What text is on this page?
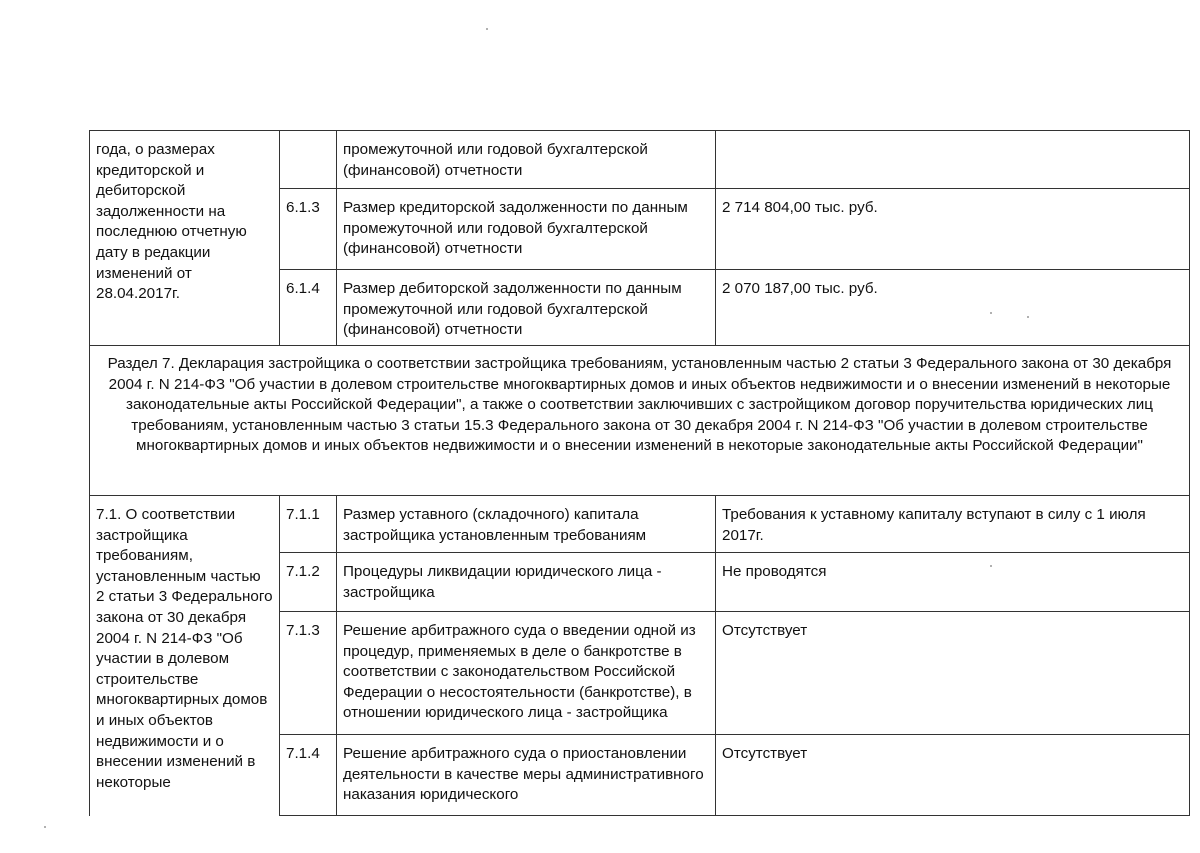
года, о размерах кредиторской и дебиторской задолженности на последнюю отчетную дату в редакции изменений от 28.04.2017г.		промежуточной или годовой бухгалтерской (финансовой) отчетности	
	6.1.3	Размер кредиторской задолженности по данным промежуточной или годовой бухгалтерской (финансовой) отчетности	2 714 804,00 тыс. руб.
	6.1.4	Размер дебиторской задолженности по данным промежуточной или годовой бухгалтерской (финансовой) отчетности	2 070 187,00 тыс. руб.
Раздел 7. Декларация застройщика о соответствии застройщика требованиям, установленным частью 2 статьи 3 Федерального закона от 30 декабря 2004 г. N 214-ФЗ "Об участии в долевом строительстве многоквартирных домов и иных объектов недвижимости и о внесении изменений в некоторые законодательные акты Российской Федерации", а также о соответствии заключивших с застройщиком договор поручительства юридических лиц требованиям, установленным частью 3 статьи 15.3 Федерального закона от 30 декабря 2004 г. N 214-ФЗ "Об участии в долевом строительстве многоквартирных домов и иных объектов недвижимости и о внесении изменений в некоторые законодательные акты Российской Федерации"			
7.1. О соответствии застройщика требованиям, установленным частью 2 статьи 3 Федерального закона от 30 декабря 2004 г. N 214-ФЗ "Об участии в долевом строительстве многоквартирных домов и иных объектов недвижимости и о внесении изменений в некоторые	7.1.1	Размер уставного (складочного) капитала застройщика установленным требованиям	Требования к уставному капиталу вступают в силу с 1 июля 2017г.
	7.1.2	Процедуры ликвидации юридического лица - застройщика	Не проводятся
	7.1.3	Решение арбитражного суда о введении одной из процедур, применяемых в деле о банкротстве в соответствии с законодательством Российской Федерации о несостоятельности (банкротстве), в отношении юридического лица - застройщика	Отсутствует
	7.1.4	Решение арбитражного суда о приостановлении деятельности в качестве меры административного наказания юридического	Отсутствует
